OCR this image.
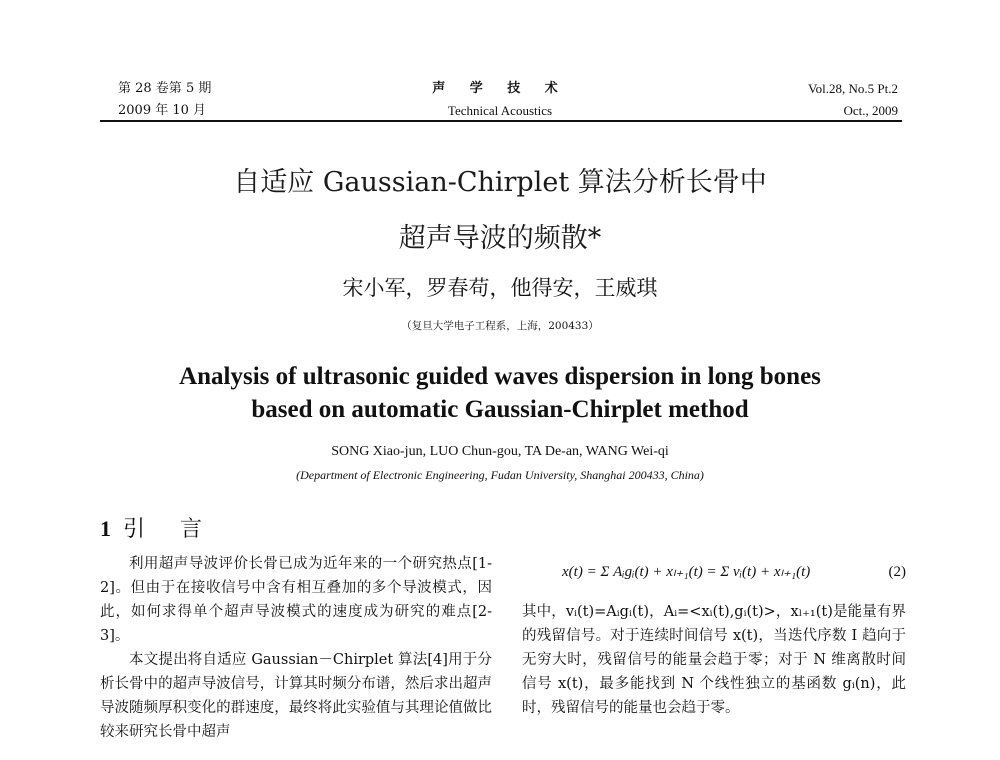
第 28 卷第 5 期
2009 年 10 月
声 学 技 术
Technical Acoustics
Vol.28, No.5 Pt.2
Oct., 2009
自适应 Gaussian-Chirplet 算法分析长骨中
超声导波的频散*
宋小军，罗春苟，他得安，王威琪
（复旦大学电子工程系，上海，200433）
Analysis of ultrasonic guided waves dispersion in long bones
based on automatic Gaussian-Chirplet method
SONG Xiao-jun, LUO Chun-gou, TA De-an, WANG Wei-qi
(Department of Electronic Engineering, Fudan University, Shanghai 200433, China)
1 引 言

利用超声导波评价长骨已成为近年来的一个研究热点[1-2]。但由于在接收信号中含有相互叠加的多个导波模式，因此，如何求得单个超声导波模式的速度成为研究的难点[2-3]。

本文提出将自适应 Gaussian－Chirplet 算法[4]用于分析长骨中的超声导波信号，计算其时频分布谱，然后求出超声导波随频厚积变化的群速度，最终将此实验值与其理论值做比较来研究长骨中超声

x(t) = Σ Aᵢgᵢ(t) + xₗ₊₁(t) = Σ vᵢ(t) + xₗ₊₁(t)	(2)

其中，vᵢ(t)=Aᵢgᵢ(t)，Aᵢ=<xᵢ(t),gᵢ(t)>，xₗ₊₁(t)是能量有界的残留信号。对于连续时间信号 x(t)，当迭代序数 I 趋向于无穷大时，残留信号的能量会趋于零；对于 N 维离散时间信号 x(t)，最多能找到 N 个线性独立的基函数 gᵢ(n)，此时，残留信号的能量也会趋于零。
